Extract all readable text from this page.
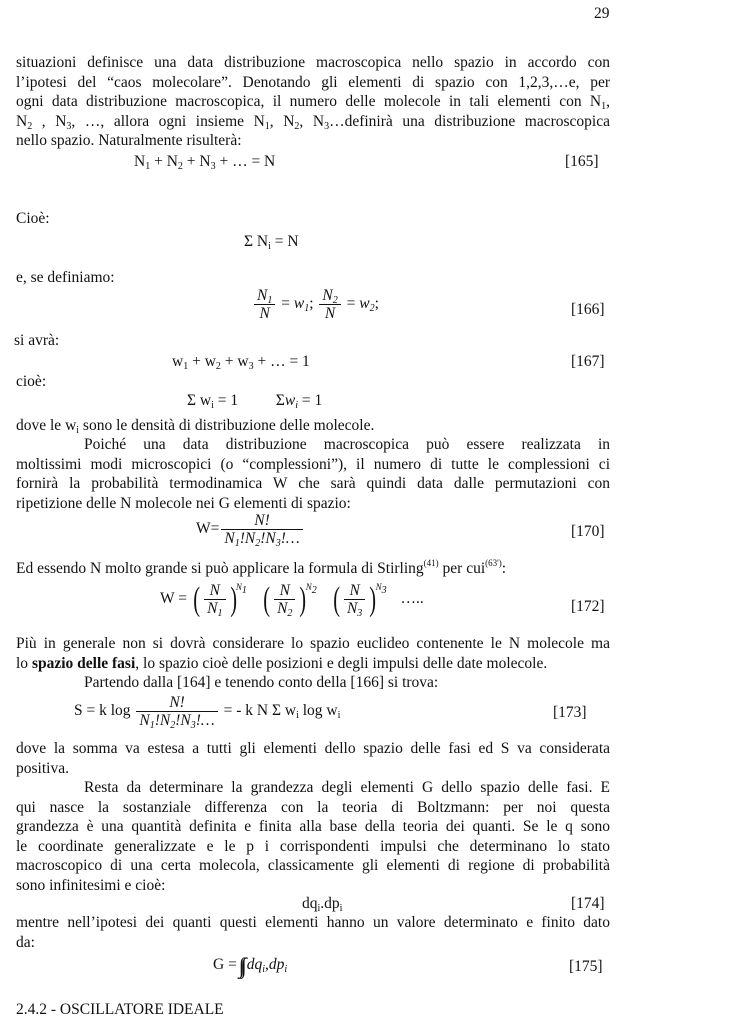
29
situazioni definisce una data distribuzione macroscopica nello spazio in accordo con
l’ipotesi del “caos molecolare”. Denotando gli elementi di spazio con 1,2,3,…e, per
ogni data distribuzione macroscopica, il numero delle molecole in tali elementi con $N_1$,
$N_2$ , $N_3$, …, allora ogni insieme $N_1$, $N_2$, $N_3\dots definirà$ una distribuzione macroscopica
nello spazio. Naturalmente risulterà:
$N_1 + N_2 + N_3$ + … = N	[165]
Cioè:
Σ $N_i = N$
e, se definiamo:
$\frac{N_1}{N} = w_1$; $\frac{N_2}{N} = w_2$;	[166]
si avrà:
$w_1 + w_2 + w_3$ + … = 1	[167]
cioè:
Σ $w_i = 1$ $\Sigma w_i = 1$
dove le $w_i$ sono le densità di distribuzione delle molecole.
Poiché una data distribuzione macroscopica può essere realizzata in
moltissimi modi microscopici (o “complessioni”), il numero di tutte le complessioni ci
fornirà la probabilità termodinamica W che sarà quindi data dalle permutazioni con
ripetizione delle N molecole nei G elementi di spazio:
$W= \frac{N!}{N_1!N_2!N_3!\dots}$	[170]
Ed essendo N molto grande si può applicare la formula di Stirling$^{(41)}$ per cui$^{(63')}$:
W = ( $\frac{N}{N_1} )N_1$ ( $\frac{N}{N_2} )N_2$ ( $\frac{N}{N_3} )N_3$ …..	[172]
Più in generale non si dovrà considerare lo spazio euclideo contenente le N molecole ma
lo spazio delle fasi, lo spazio cioè delle posizioni e degli impulsi delle date molecole.
Partendo dalla [164] e tenendo conto della [166] si trova:
S = k $\log \frac{N!}{N_1!N_2!N_3!\dots}$ = - k N Σ $w_i$ $\log w_i$	[173]
dove la somma va estesa a tutti gli elementi dello spazio delle fasi ed S va considerata
positiva.
Resta da determinare la grandezza degli elementi G dello spazio delle fasi. E
qui nasce la sostanziale differenza con la teoria di Boltzmann: per noi questa
grandezza è una quantità definita e finita alla base della teoria dei quanti. Se le q sono
le coordinate generalizzate e le p i corrispondenti impulsi che determinano lo stato
macroscopico di una certa molecola, classicamente gli elementi di regione di probabilità
sono infinitesimi e cioè:
$dq_i.dp_i$	[174]
mentre nell’ipotesi dei quanti questi elementi hanno un valore determinato e finito dato
da:
$G = dq_i,dp_i$	[175]
2.4.2 - OSCILLATORE IDEALE
